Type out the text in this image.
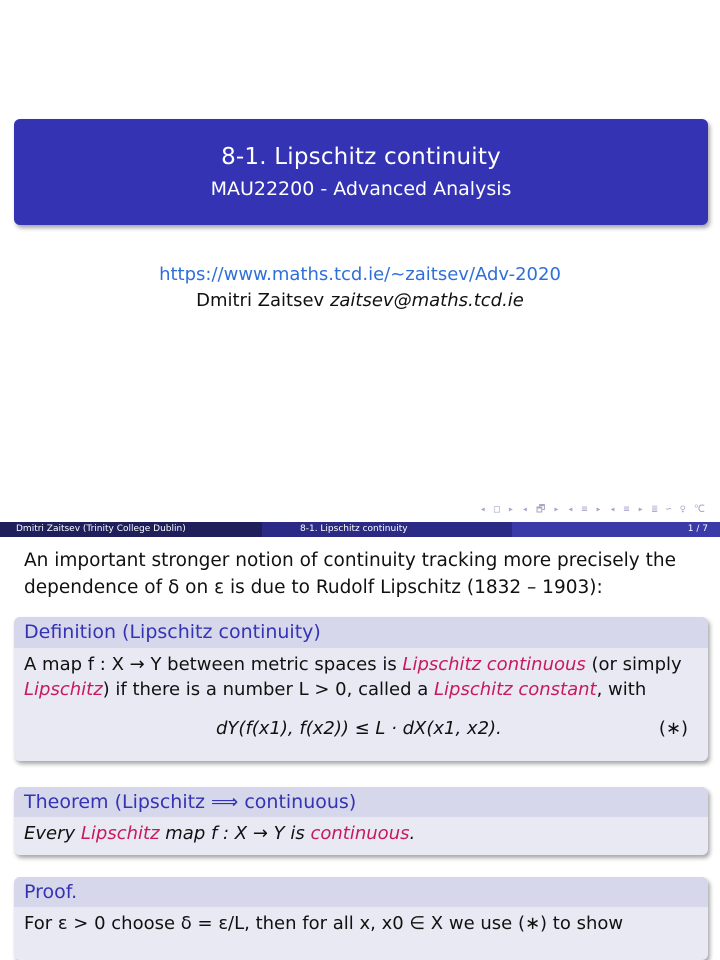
8-1. Lipschitz continuity
MAU22200 - Advanced Analysis
https://www.maths.tcd.ie/~zaitsev/Adv-2020
Dmitri Zaitsev zaitsev@maths.tcd.ie
◂ □ ▸ ◂ 🗗 ▸ ◂ ≡ ▸ ◂ ≡ ▸ ≣ ∽ ♀ ℃
Dmitri Zaitsev (Trinity College Dublin)	8-1. Lipschitz continuity	1 / 7
An important stronger notion of continuity tracking more precisely the
dependence of δ on ε is due to Rudolf Lipschitz (1832 – 1903):
Definition (Lipschitz continuity)
A map f : X → Y between metric spaces is Lipschitz continuous (or simply
Lipschitz) if there is a number L > 0, called a Lipschitz constant, with
dY(f(x1), f(x2)) ≤ L · dX(x1, x2).	(∗)
Theorem (Lipschitz ⟹ continuous)
Every Lipschitz map f : X → Y is continuous.
Proof.
For ε > 0 choose δ = ε/L, then for all x, x0 ∈ X we use (∗) to show
